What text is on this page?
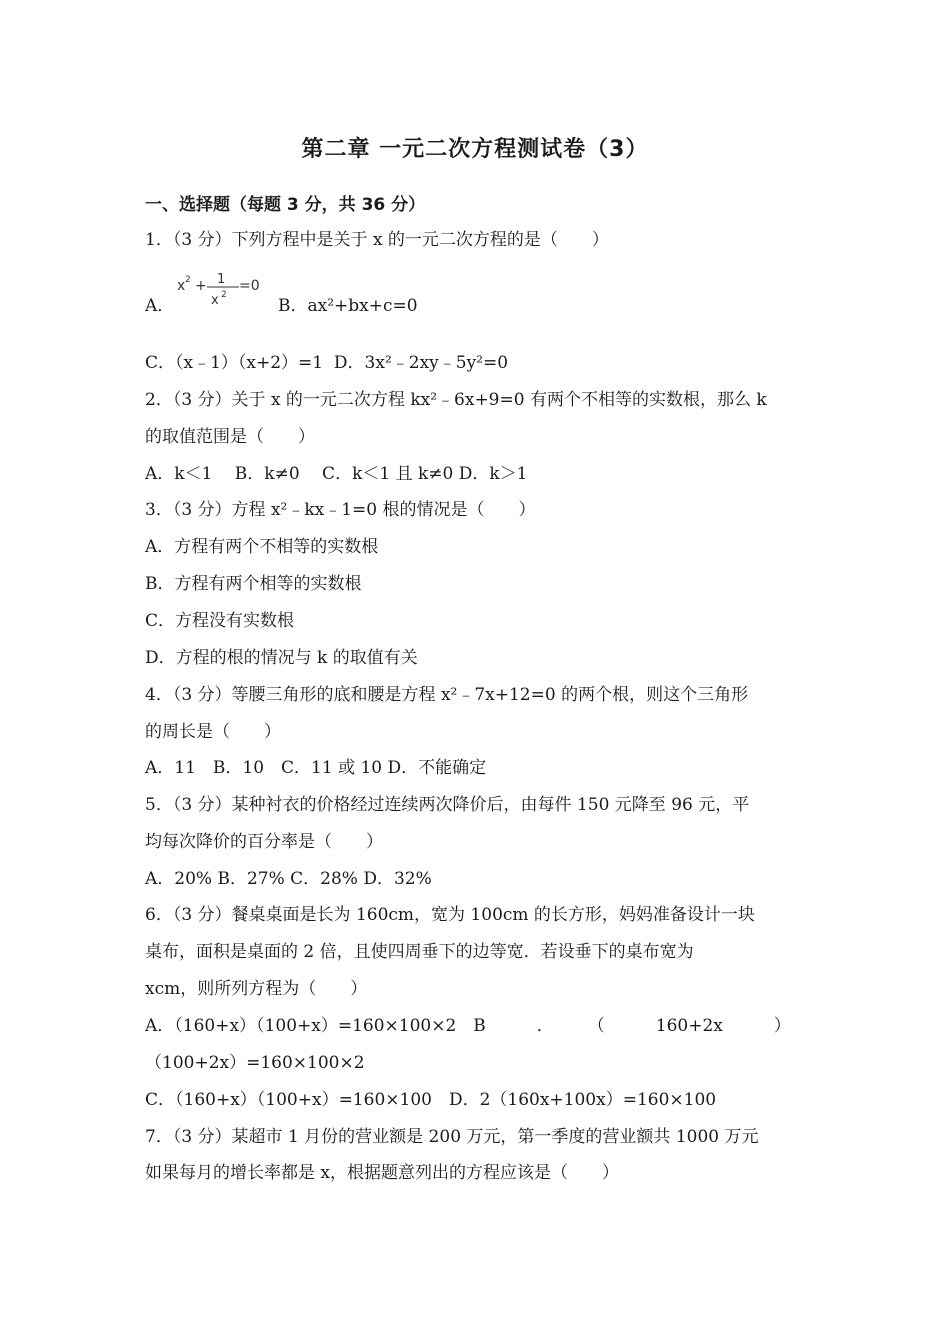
第二章 一元二次方程测试卷（3）
一、选择题（每题 3 分，共 36 分）
1．（3 分）下列方程中是关于 x 的一元二次方程的是（　　）
x 2 + 1
x 2
=0
A．	B．ax²+bx+c=0
C．（x﹣1）（x+2）=1  D．3x²﹣2xy﹣5y²=0
2．（3 分）关于 x 的一元二次方程 kx²﹣6x+9=0 有两个不相等的实数根，那么 k
的取值范围是（　　）
A．k＜1　 B．k≠0　 C．k＜1 且 k≠0 D．k＞1
3．（3 分）方程 x²﹣kx﹣1=0 根的情况是（　　）
A．方程有两个不相等的实数根
B．方程有两个相等的实数根
C．方程没有实数根
D．方程的根的情况与 k 的取值有关
4．（3 分）等腰三角形的底和腰是方程 x²﹣7x+12=0 的两个根，则这个三角形
的周长是（　　）
A．11　B．10　C．11 或 10 D．不能确定
5．（3 分）某种衬衣的价格经过连续两次降价后，由每件 150 元降至 96 元，平
均每次降价的百分率是（　　）
A．20% B．27% C．28% D．32%
6．（3 分）餐桌桌面是长为 160cm，宽为 100cm 的长方形，妈妈准备设计一块
桌布，面积是桌面的 2 倍，且使四周垂下的边等宽．若设垂下的桌布宽为
xcm，则所列方程为（　　）
A．（160+x）（100+x）=160×100×2　B　　　．　　　（　　　160+2x　　　）
（100+2x）=160×100×2
C．（160+x）（100+x）=160×100　D．2（160x+100x）=160×100
7．（3 分）某超市 1 月份的营业额是 200 万元，第一季度的营业额共 1000 万元
如果每月的增长率都是 x，根据题意列出的方程应该是（　　）
